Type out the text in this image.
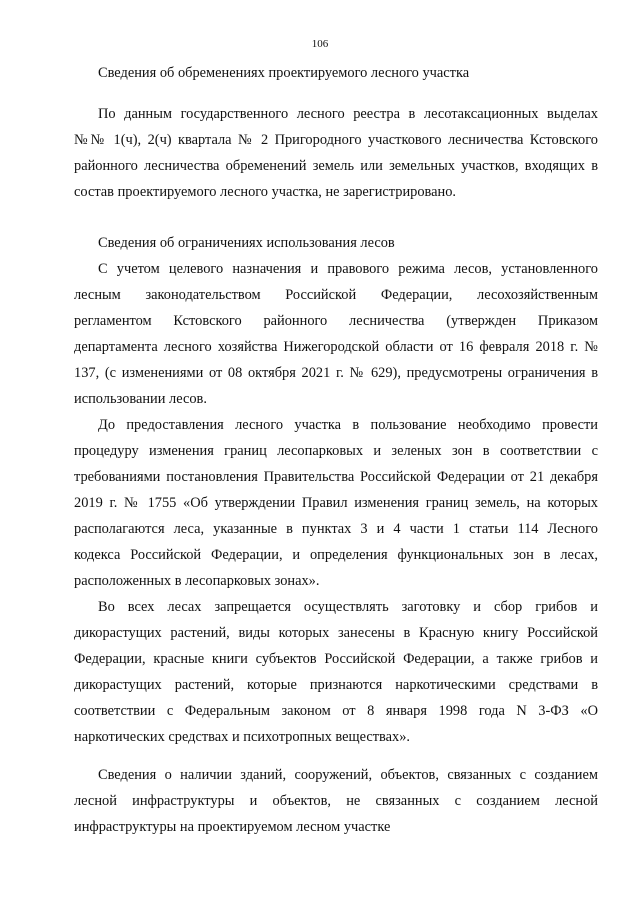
106
Сведения об обременениях проектируемого лесного участка
По данным государственного лесного реестра в лесотаксационных выделах
№№ 1(ч), 2(ч) квартала № 2 Пригородного участкового лесничества Кстовского
районного лесничества обременений земель или земельных участков, входящих в
состав проектируемого лесного участка, не зарегистрировано.
Сведения об ограничениях использования лесов
С учетом целевого назначения и правового режима лесов, установленного
лесным законодательством Российской Федерации, лесохозяйственным
регламентом Кстовского районного лесничества (утвержден Приказом
департамента лесного хозяйства Нижегородской области от 16 февраля 2018 г. №
137, (с изменениями от 08 октября 2021 г. № 629), предусмотрены ограничения в
использовании лесов.
До предоставления лесного участка в пользование необходимо провести
процедуру изменения границ лесопарковых и зеленых зон в соответствии с
требованиями постановления Правительства Российской Федерации от 21 декабря
2019 г. № 1755 «Об утверждении Правил изменения границ земель, на которых
располагаются леса, указанные в пунктах 3 и 4 части 1 статьи 114 Лесного
кодекса Российской Федерации, и определения функциональных зон в лесах,
расположенных в лесопарковых зонах».
Во всех лесах запрещается осуществлять заготовку и сбор грибов и
дикорастущих растений, виды которых занесены в Красную книгу Российской
Федерации, красные книги субъектов Российской Федерации, а также грибов и
дикорастущих растений, которые признаются наркотическими средствами в
соответствии с Федеральным законом от 8 января 1998 года N 3-ФЗ «О
наркотических средствах и психотропных веществах».
Сведения о наличии зданий, сооружений, объектов, связанных с созданием
лесной инфраструктуры и объектов, не связанных с созданием лесной
инфраструктуры на проектируемом лесном участке
